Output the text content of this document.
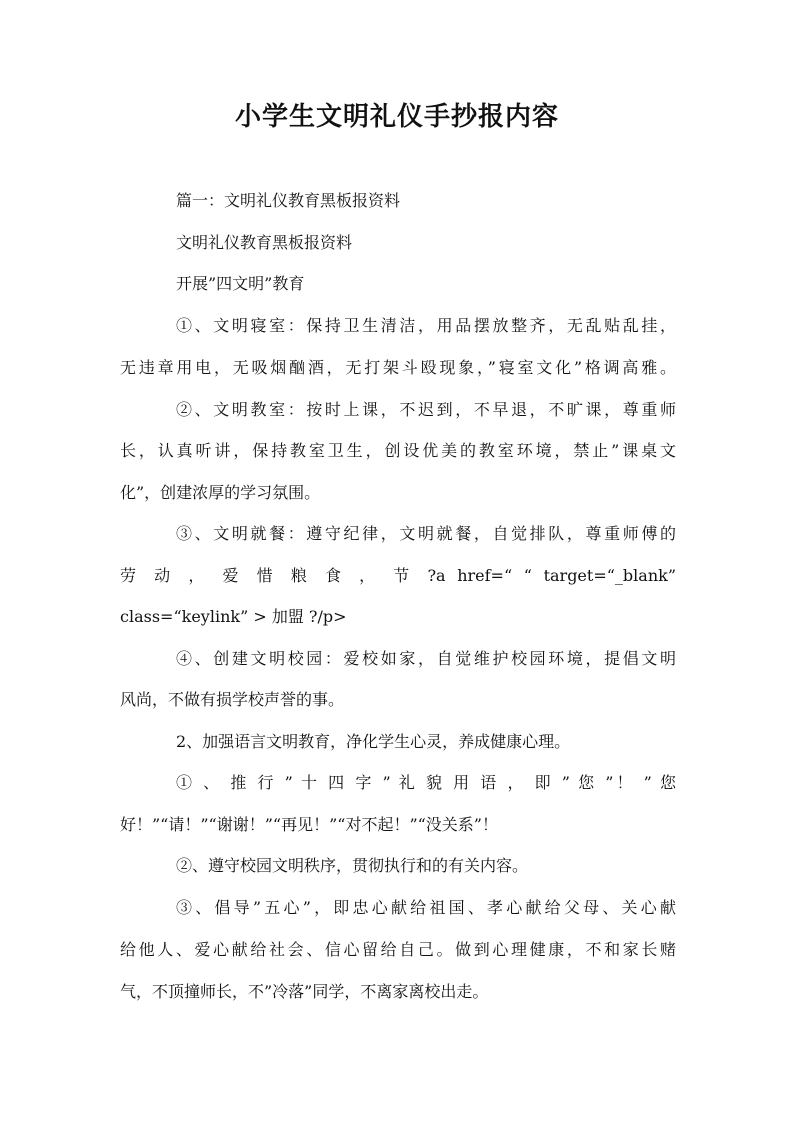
小学生文明礼仪手抄报内容

篇一：文明礼仪教育黑板报资料

文明礼仪教育黑板报资料

开展”四文明”教育

①、文明寝室：保持卫生清洁，用品摆放整齐，无乱贴乱挂，

无违章用电，无吸烟酗酒，无打架斗殴现象，”寝室文化”格调高雅。

②、文明教室：按时上课，不迟到，不早退，不旷课，尊重师

长，认真听讲，保持教室卫生，创设优美的教室环境，禁止”课桌文

化”，创建浓厚的学习氛围。

③、文明就餐：遵守纪律，文明就餐，自觉排队，尊重师傅的

劳 动 ， 爱 惜 粮 食 ， 节 ?a href=“ “ target=“_blank”

class=“keylink” > 加盟 ?/p>

④、创建文明校园：爱校如家，自觉维护校园环境，提倡文明

风尚，不做有损学校声誉的事。

2、加强语言文明教育，净化学生心灵，养成健康心理。

① 、 推 行 ” 十 四 字 ” 礼 貌 用 语 ， 即 ” 您 ”！ ” 您

好！”“请！”“谢谢！”“再见！”“对不起！”“没关系”！

②、遵守校园文明秩序，贯彻执行和的有关内容。

③、倡导”五心”，即忠心献给祖国、孝心献给父母、关心献

给他人、爱心献给社会、信心留给自己。做到心理健康，不和家长赌

气，不顶撞师长，不”冷落”同学，不离家离校出走。
